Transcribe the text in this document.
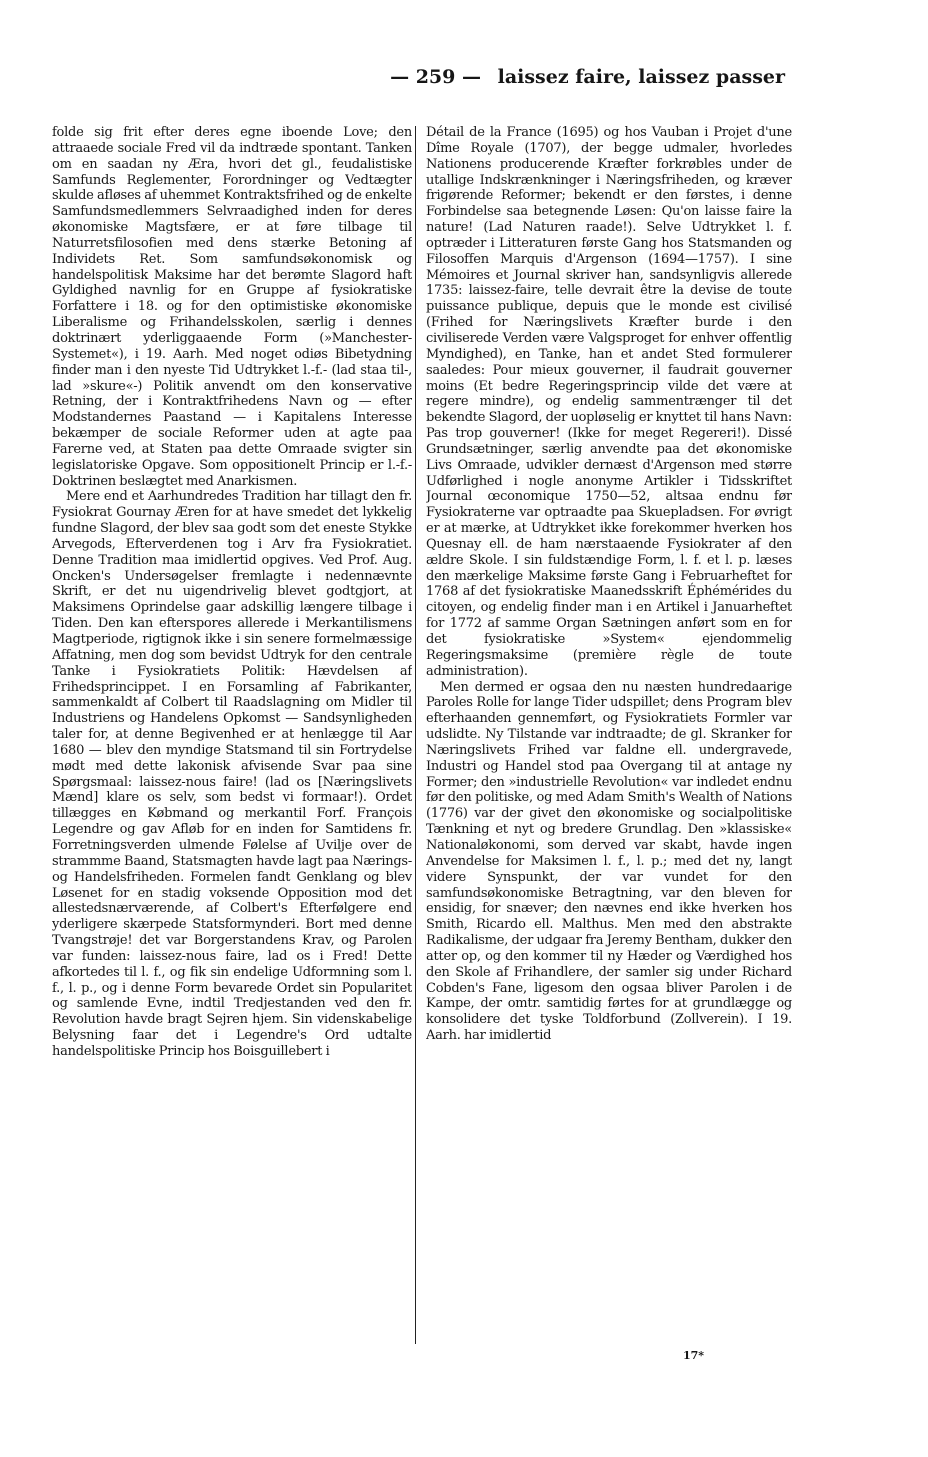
— 259 — laissez faire, laissez passer

folde sig frit efter deres egne iboende Love; den attraaede sociale Fred vil da indtræde spontant. Tanken om en saadan ny Æra, hvori det gl., feudalistiske Samfunds Reglementer, Forordninger og Vedtægter skulde afløses af uhemmet Kontraktsfrihed og de enkelte Samfundsmedlemmers Selvraadighed inden for deres økonomiske Magtsfære, er at føre tilbage til Naturretsfilosofien med dens stærke Betoning af Individets Ret. Som samfundsøkonomisk og handelspolitisk Maksime har det berømte Slagord haft Gyldighed navnlig for en Gruppe af fysiokratiske Forfattere i 18. og for den optimistiske økonomiske Liberalisme og Frihandelsskolen, særlig i dennes doktrinært yderliggaaende Form (»Manchester-Systemet«), i 19. Aarh. Med noget odiøs Bibetydning finder man i den nyeste Tid Udtrykket l.-f.- (lad staa til-, lad »skure«-) Politik anvendt om den konservative Retning, der i Kontraktfrihedens Navn og — efter Modstandernes Paastand — i Kapitalens Interesse bekæmper de sociale Reformer uden at agte paa Farerne ved, at Staten paa dette Omraade svigter sin legislatoriske Opgave. Som oppositionelt Princip er l.-f.-Doktrinen beslægtet med Anarkismen.

Mere end et Aarhundredes Tradition har tillagt den fr. Fysiokrat Gournay Æren for at have smedet det lykkelig fundne Slagord, der blev saa godt som det eneste Stykke Arvegods, Efterverdenen tog i Arv fra Fysiokratiet. Denne Tradition maa imidlertid opgives. Ved Prof. Aug. Oncken's Undersøgelser fremlagte i nedennævnte Skrift, er det nu uigendrivelig blevet godtgjort, at Maksimens Oprindelse gaar adskillig længere tilbage i Tiden. Den kan efterspores allerede i Merkantilismens Magtperiode, rigtignok ikke i sin senere formelmæssige Affatning, men dog som bevidst Udtryk for den centrale Tanke i Fysiokratiets Politik: Hævdelsen af Frihedsprincippet. I en Forsamling af Fabrikanter, sammenkaldt af Colbert til Raadslagning om Midler til Industriens og Handelens Opkomst — Sandsynligheden taler for, at denne Begivenhed er at henlægge til Aar 1680 — blev den myndige Statsmand til sin Fortrydelse mødt med dette lakonisk afvisende Svar paa sine Spørgsmaal: laissez-nous faire! (lad os [Næringslivets Mænd] klare os selv, som bedst vi formaar!). Ordet tillægges en Købmand og merkantil Forf. François Legendre og gav Afløb for en inden for Samtidens fr. Forretningsverden ulmende Følelse af Uvilje over de strammme Baand, Statsmagten havde lagt paa Nærings- og Handelsfriheden. Formelen fandt Genklang og blev Løsenet for en stadig voksende Opposition mod det allestedsnærværende, af Colbert's Efterfølgere end yderligere skærpede Statsformynderi. Bort med denne Tvangstrøje! det var Borgerstandens Krav, og Parolen var funden: laissez-nous faire, lad os i Fred! Dette afkortedes til l. f., og fik sin endelige Udformning som l. f., l. p., og i denne Form bevarede Ordet sin Popularitet og samlende Evne, indtil Tredjestanden ved den fr. Revolution havde bragt Sejren hjem. Sin videnskabelige Belysning faar det i Legendre's Ord udtalte handelspolitiske Princip hos Boisguillebert i

Détail de la France (1695) og hos Vauban i Projet d'une Dîme Royale (1707), der begge udmaler, hvorledes Nationens producerende Kræfter forkrøbles under de utallige Indskrænkninger i Næringsfriheden, og kræver frigørende Reformer; bekendt er den førstes, i denne Forbindelse saa betegnende Løsen: Qu'on laisse faire la nature! (Lad Naturen raade!). Selve Udtrykket l. f. optræder i Litteraturen første Gang hos Statsmanden og Filosoffen Marquis d'Argenson (1694—1757). I sine Mémoires et Journal skriver han, sandsynligvis allerede 1735: laissez-faire, telle devrait être la devise de toute puissance publique, depuis que le monde est civilisé (Frihed for Næringslivets Kræfter burde i den civiliserede Verden være Valgsproget for enhver offentlig Myndighed), en Tanke, han et andet Sted formulerer saaledes: Pour mieux gouverner, il faudrait gouverner moins (Et bedre Regeringsprincip vilde det være at regere mindre), og endelig sammentrænger til det bekendte Slagord, der uopløselig er knyttet til hans Navn: Pas trop gouverner! (Ikke for meget Regereri!). Dissé Grundsætninger, særlig anvendte paa det økonomiske Livs Omraade, udvikler dernæst d'Argenson med større Udførlighed i nogle anonyme Artikler i Tidsskriftet Journal œconomique 1750—52, altsaa endnu før Fysiokraterne var optraadte paa Skuepladsen. For øvrigt er at mærke, at Udtrykket ikke forekommer hverken hos Quesnay ell. de ham nærstaaende Fysiokrater af den ældre Skole. I sin fuldstændige Form, l. f. et l. p. læses den mærkelige Maksime første Gang i Februarheftet for 1768 af det fysiokratiske Maanedsskrift Éphémérides du citoyen, og endelig finder man i en Artikel i Januarheftet for 1772 af samme Organ Sætningen anført som en for det fysiokratiske »System« ejendommelig Regeringsmaksime (première règle de toute administration).

Men dermed er ogsaa den nu næsten hundredaarige Paroles Rolle for lange Tider udspillet; dens Program blev efterhaanden gennemført, og Fysiokratiets Formler var udslidte. Ny Tilstande var indtraadte; de gl. Skranker for Næringslivets Frihed var faldne ell. undergravede, Industri og Handel stod paa Overgang til at antage ny Former; den »industrielle Revolution« var indledet endnu før den politiske, og med Adam Smith's Wealth of Nations (1776) var der givet den økonomiske og socialpolitiske Tænkning et nyt og bredere Grundlag. Den »klassiske« Nationaløkonomi, som derved var skabt, havde ingen Anvendelse for Maksimen l. f., l. p.; med det ny, langt videre Synspunkt, der var vundet for den samfundsøkonomiske Betragtning, var den bleven for ensidig, for snæver; den nævnes end ikke hverken hos Smith, Ricardo ell. Malthus. Men med den abstrakte Radikalisme, der udgaar fra Jeremy Bentham, dukker den atter op, og den kommer til ny Hæder og Værdighed hos den Skole af Frihandlere, der samler sig under Richard Cobden's Fane, ligesom den ogsaa bliver Parolen i de Kampe, der omtr. samtidig førtes for at grundlægge og konsolidere det tyske Toldforbund (Zollverein). I 19. Aarh. har imidlertid

17*
